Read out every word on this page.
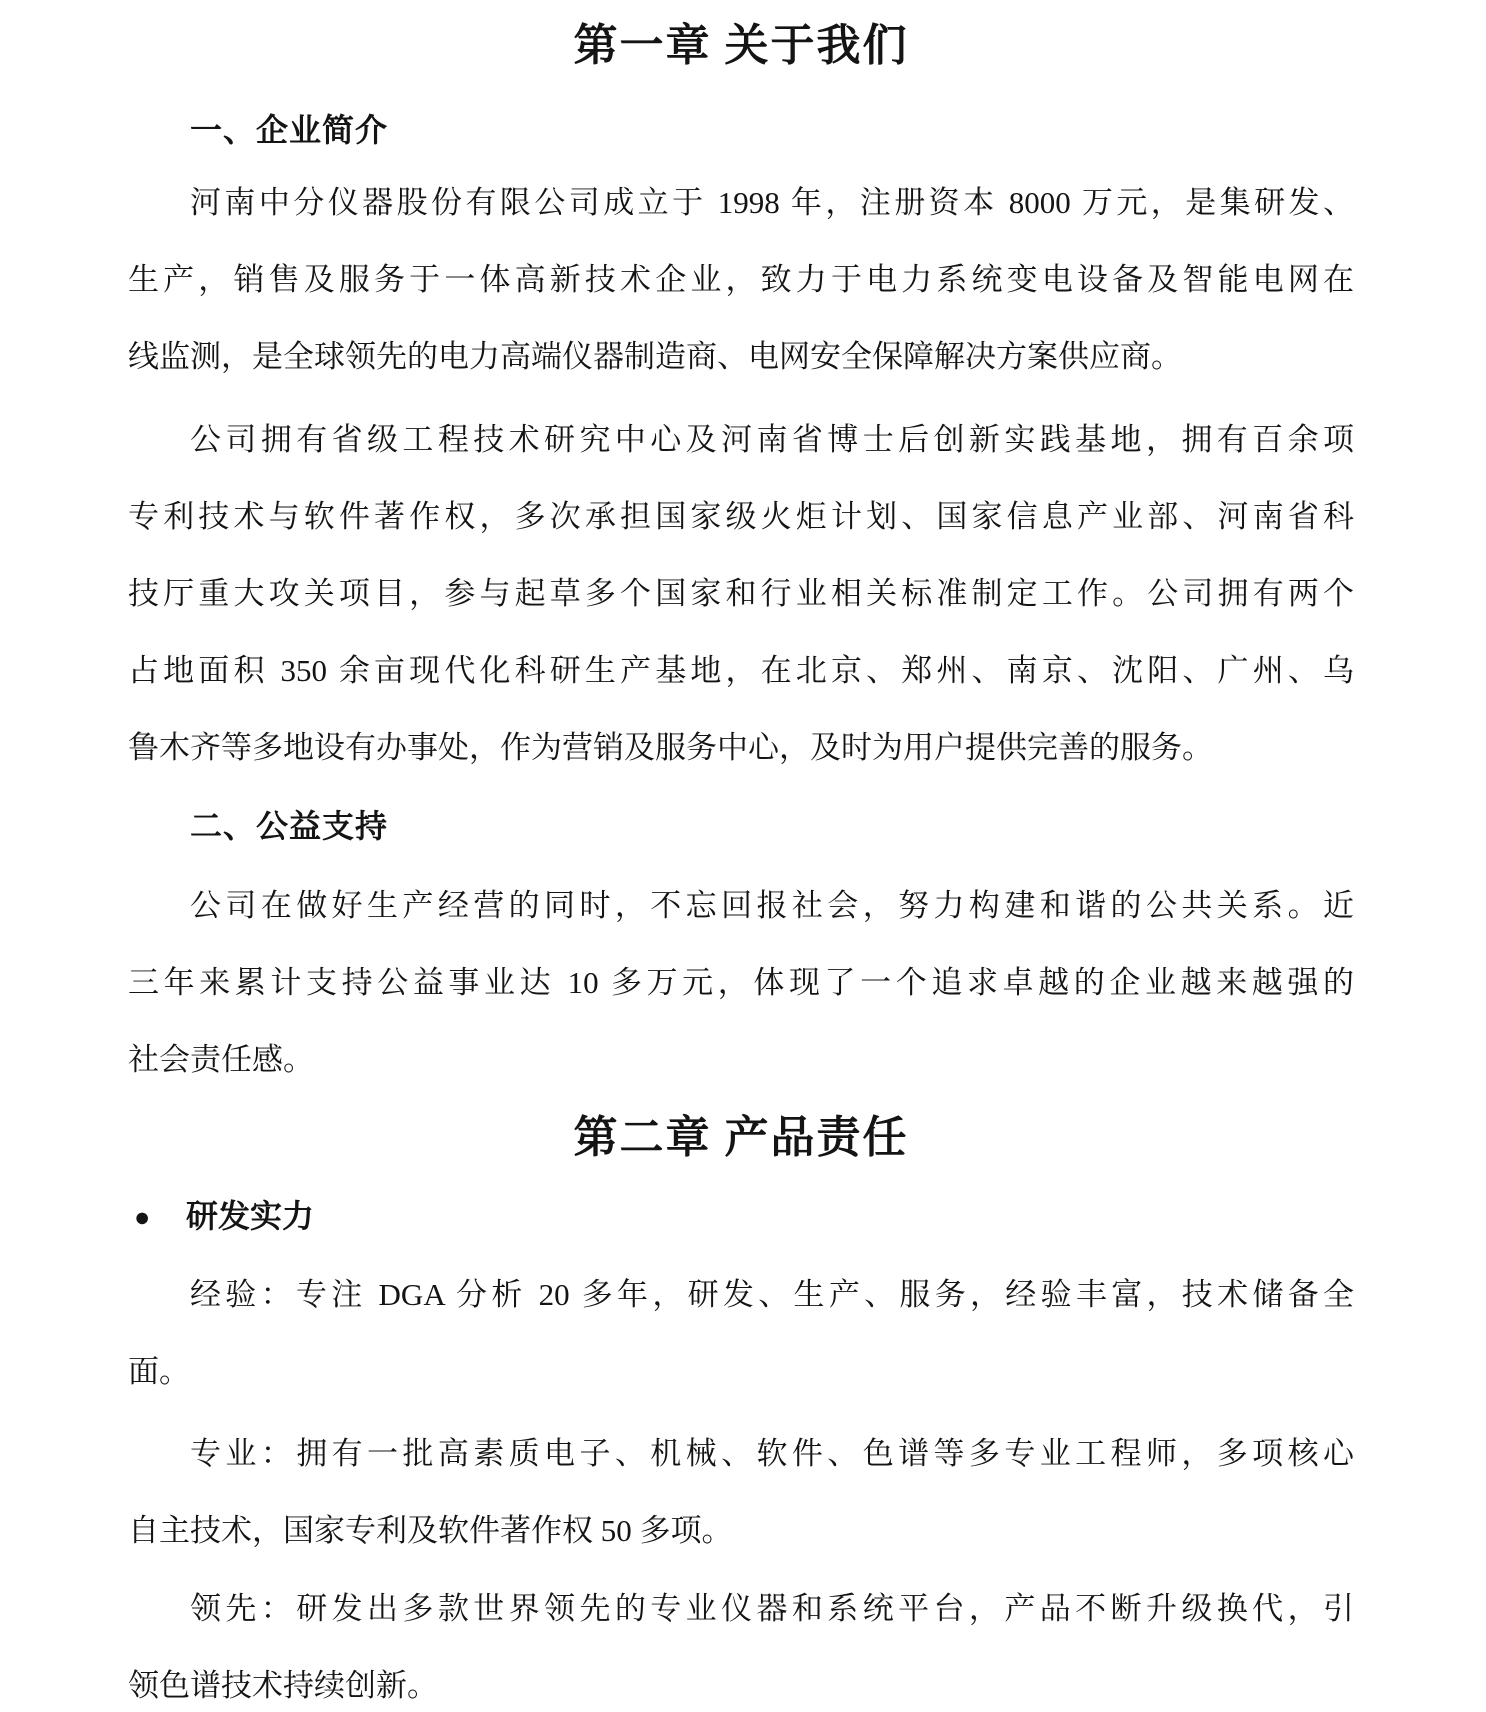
第一章 关于我们
一、企业简介
河南中分仪器股份有限公司成立于 1998 年，注册资本 8000 万元，是集研发、
生产，销售及服务于一体高新技术企业，致力于电力系统变电设备及智能电网在
线监测，是全球领先的电力高端仪器制造商、电网安全保障解决方案供应商。
公司拥有省级工程技术研究中心及河南省博士后创新实践基地，拥有百余项
专利技术与软件著作权，多次承担国家级火炬计划、国家信息产业部、河南省科
技厅重大攻关项目，参与起草多个国家和行业相关标准制定工作。公司拥有两个
占地面积 350 余亩现代化科研生产基地，在北京、郑州、南京、沈阳、广州、乌
鲁木齐等多地设有办事处，作为营销及服务中心，及时为用户提供完善的服务。
二、公益支持
公司在做好生产经营的同时，不忘回报社会，努力构建和谐的公共关系。近
三年来累计支持公益事业达 10 多万元，体现了一个追求卓越的企业越来越强的
社会责任感。
第二章 产品责任
● 研发实力
经验：专注 DGA 分析 20 多年，研发、生产、服务，经验丰富，技术储备全
面。
专业：拥有一批高素质电子、机械、软件、色谱等多专业工程师，多项核心
自主技术，国家专利及软件著作权 50 多项。
领先：研发出多款世界领先的专业仪器和系统平台，产品不断升级换代，引
领色谱技术持续创新。
